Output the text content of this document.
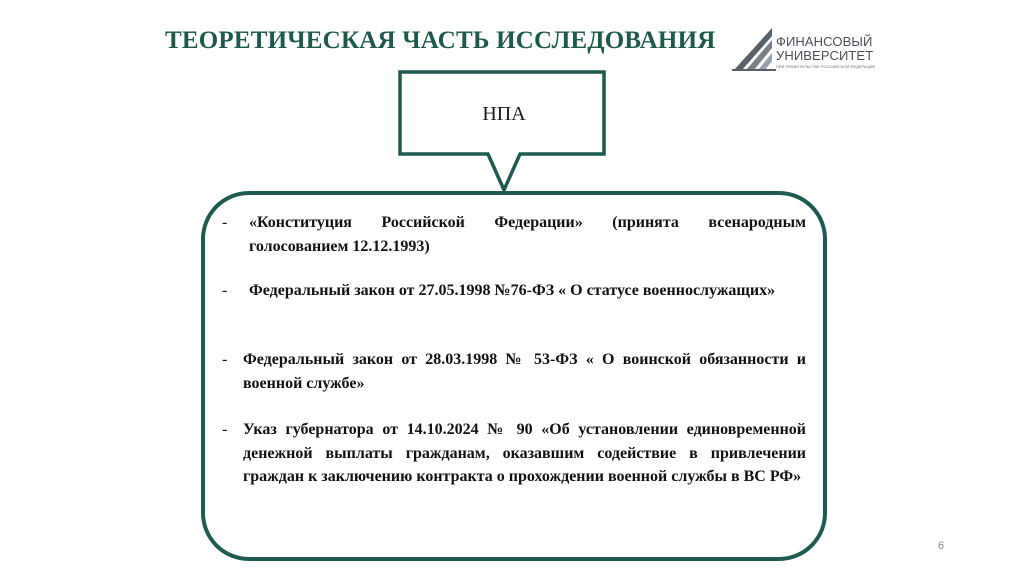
ТЕОРЕТИЧЕСКАЯ ЧАСТЬ ИССЛЕДОВАНИЯ	ФИНАНСОВЫЙ
УНИВЕРСИТЕТ
ПРИ ПРАВИТЕЛЬСТВЕ РОССИЙСКОЙ ФЕДЕРАЦИИ
НПА
- «Конституция Российской Федерации» (принята всенародным голосованием 12.12.1993)
- Федеральный закон от 27.05.1998 №76-ФЗ « О статусе военнослужащих»
- Федеральный закон от 28.03.1998 № 53-ФЗ « О воинской обязанности и военной службе»
- Указ губернатора от 14.10.2024 № 90 «Об установлении единовременной денежной выплаты гражданам, оказавшим содействие в привлечении граждан к заключению контракта о прохождении военной службы в ВС РФ»
6
